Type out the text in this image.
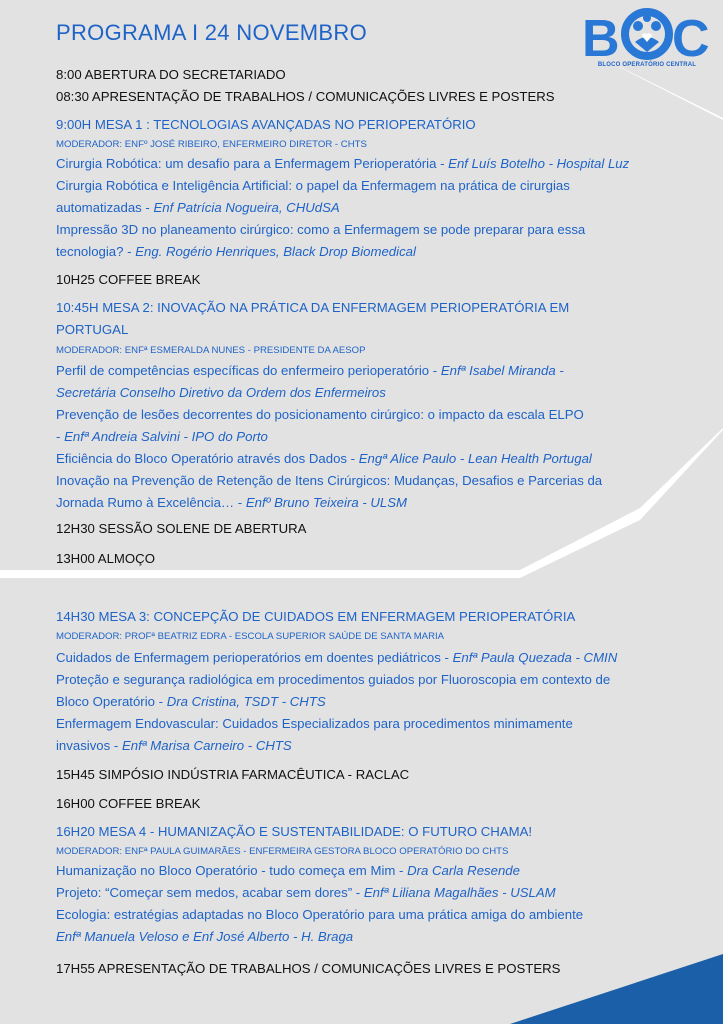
PROGRAMA I 24 NOVEMBRO	B C
BLOCO OPERATÓRIO CENTRAL
8:00 ABERTURA DO SECRETARIADO
08:30 APRESENTAÇÃO DE TRABALHOS / COMUNICAÇÕES LIVRES E POSTERS
9:00H MESA 1 : TECNOLOGIAS AVANÇADAS NO PERIOPERATÓRIO
MODERADOR: ENFº JOSÉ RIBEIRO, ENFERMEIRO DIRETOR - CHTS
Cirurgia Robótica: um desafio para a Enfermagem Perioperatória - Enf Luís Botelho - Hospital Luz
Cirurgia Robótica e Inteligência Artificial: o papel da Enfermagem na prática de cirurgias
automatizadas - Enf Patrícia Nogueira, CHUdSA
Impressão 3D no planeamento cirúrgico: como a Enfermagem se pode preparar para essa
tecnologia? - Eng. Rogério Henriques, Black Drop Biomedical
10H25 COFFEE BREAK
10:45H MESA 2: INOVAÇÃO NA PRÁTICA DA ENFERMAGEM PERIOPERATÓRIA EM
PORTUGAL
MODERADOR: ENFª ESMERALDA NUNES - PRESIDENTE DA AESOP
Perfil de competências específicas do enfermeiro perioperatório - Enfª Isabel Miranda -
Secretária Conselho Diretivo da Ordem dos Enfermeiros
Prevenção de lesões decorrentes do posicionamento cirúrgico: o impacto da escala ELPO
- Enfª Andreia Salvini - IPO do Porto
Eficiência do Bloco Operatório através dos Dados - Engª Alice Paulo - Lean Health Portugal
Inovação na Prevenção de Retenção de Itens Cirúrgicos: Mudanças, Desafios e Parcerias da
Jornada Rumo à Excelência… - Enfº Bruno Teixeira - ULSM
12H30 SESSÃO SOLENE DE ABERTURA
13H00 ALMOÇO
14H30 MESA 3: CONCEPÇÃO DE CUIDADOS EM ENFERMAGEM PERIOPERATÓRIA
MODERADOR: PROFª BEATRIZ EDRA - ESCOLA SUPERIOR SAÚDE DE SANTA MARIA
Cuidados de Enfermagem perioperatórios em doentes pediátricos - Enfª Paula Quezada - CMIN
Proteção e segurança radiológica em procedimentos guiados por Fluoroscopia em contexto de
Bloco Operatório - Dra Cristina, TSDT - CHTS
Enfermagem Endovascular: Cuidados Especializados para procedimentos minimamente
invasivos - Enfª Marisa Carneiro - CHTS
15H45 SIMPÓSIO INDÚSTRIA FARMACÊUTICA - RACLAC
16H00 COFFEE BREAK
16H20 MESA 4 - HUMANIZAÇÃO E SUSTENTABILIDADE: O FUTURO CHAMA!
MODERADOR: ENFª PAULA GUIMARÃES - ENFERMEIRA GESTORA BLOCO OPERATÓRIO DO CHTS
Humanização no Bloco Operatório - tudo começa em Mim - Dra Carla Resende
Projeto: “Começar sem medos, acabar sem dores” - Enfª Liliana Magalhães - USLAM
Ecologia: estratégias adaptadas no Bloco Operatório para uma prática amiga do ambiente
Enfª Manuela Veloso e Enf José Alberto - H. Braga
17H55 APRESENTAÇÃO DE TRABALHOS / COMUNICAÇÕES LIVRES E POSTERS
